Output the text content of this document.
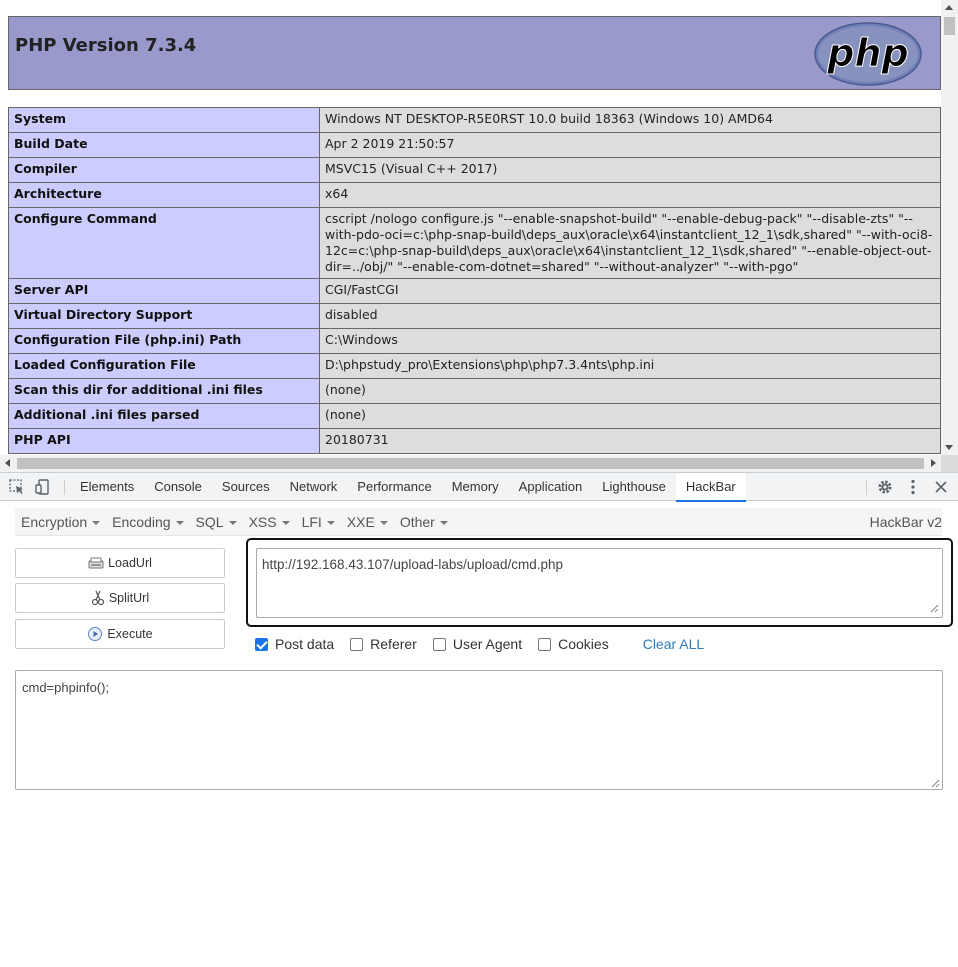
PHP Version 7.3.4	php
System	Windows NT DESKTOP-R5E0RST 10.0 build 18363 (Windows 10) AMD64
Build Date	Apr 2 2019 21:50:57
Compiler	MSVC15 (Visual C++ 2017)
Architecture	x64
Configure Command	cscript /nologo configure.js "--enable-snapshot-build" "--enable-debug-pack" "--disable-zts" "--with-pdo-oci=c:\php-snap-build\deps_aux\oracle\x64\instantclient_12_1\sdk,shared" "--with-oci8-12c=c:\php-snap-build\deps_aux\oracle\x64\instantclient_12_1\sdk,shared" "--enable-object-out-dir=../obj/" "--enable-com-dotnet=shared" "--without-analyzer" "--with-pgo"
Server API	CGI/FastCGI
Virtual Directory Support	disabled
Configuration File (php.ini) Path	C:\Windows
Loaded Configuration File	D:\phpstudy_pro\Extensions\php\php7.3.4nts\php.ini
Scan this dir for additional .ini files	(none)
Additional .ini files parsed	(none)
PHP API	20180731
Elements	Console	Sources	Network	Performance	Memory	Application	Lighthouse	HackBar
Encryption Encoding SQL XSS LFI XXE Other	HackBar v2
LoadUrl
SplitUrl
Execute
http://192.168.43.107/upload-labs/upload/cmd.php
Post data	Referer	User Agent	Cookies Clear ALL
cmd=phpinfo();
